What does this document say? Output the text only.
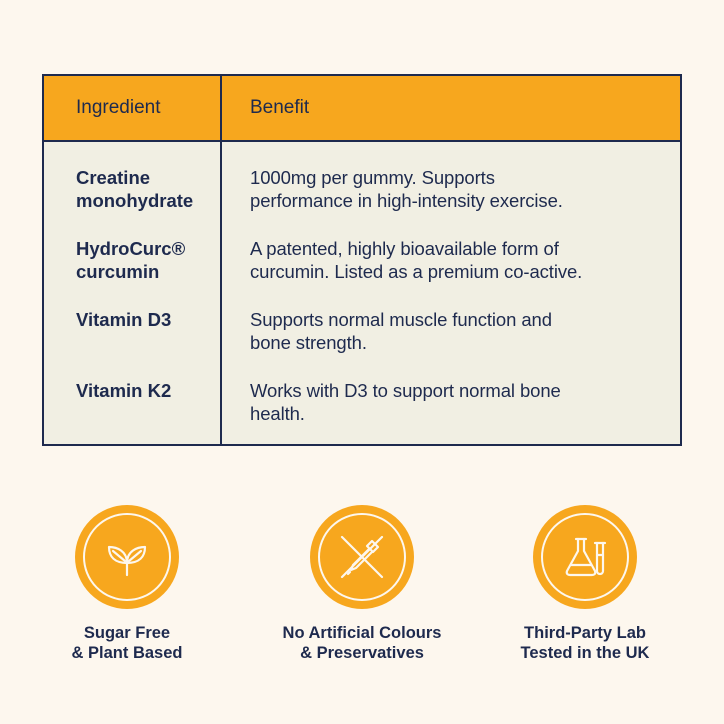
Ingredient	Benefit
Creatine
monohydrate
HydroCurc®
curcumin
Vitamin D3
Vitamin K2
1000mg per gummy. Supports
performance in high-intensity exercise.
A patented, highly bioavailable form of
curcumin. Listed as a premium co-active.
Supports normal muscle function and
bone strength.
Works with D3 to support normal bone
health.
Sugar Free
& Plant Based
No Artificial Colours
& Preservatives
Third-Party Lab
Tested in the UK
